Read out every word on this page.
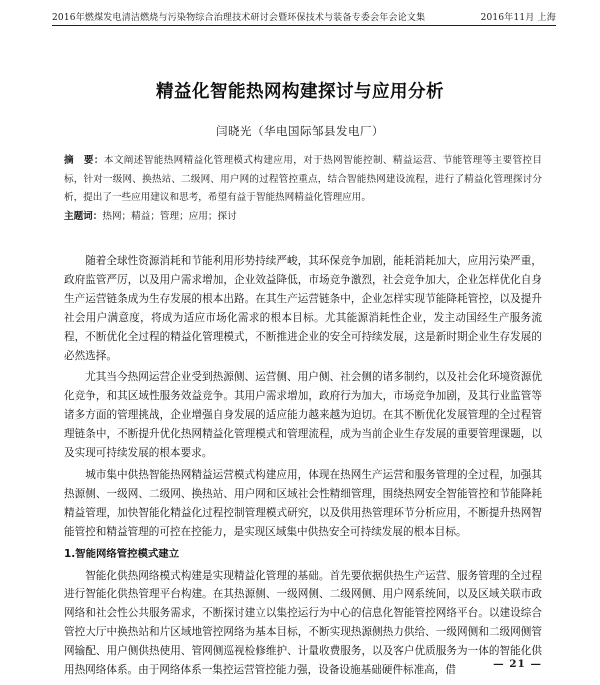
2016年燃煤发电清洁燃烧与污染物综合治理技术研讨会暨环保技术与装备专委会年会论文集	2016年11月 上海
精益化智能热网构建探讨与应用分析
闫晓光（华电国际邹县发电厂）
摘　要：本文阐述智能热网精益化管理模式构建应用，对于热网智能控制、精益运营、节能管理等主要管控目标，针对一级网、换热站、二级网、用户网的过程管控重点，结合智能热网建设流程，进行了精益化管理探讨分析，提出了一些应用建议和思考，希望有益于智能热网精益化管理应用。
主题词：热网；精益；管理；应用；探讨

随着全球性资源消耗和节能利用形势持续严峻，其环保竞争加剧，能耗消耗加大，应用污染严重，政府监管严厉，以及用户需求增加，企业效益降低，市场竞争激烈，社会竞争加大，企业怎样优化自身生产运营链条成为生存发展的根本出路。在其生产运营链条中，企业怎样实现节能降耗管控，以及提升社会用户满意度，将成为适应市场化需求的根本目标。尤其能源消耗性企业，发主动国经生产服务流程，不断优化全过程的精益化管理模式，不断推进企业的安全可持续发展，这是新时期企业生存发展的必然选择。

尤其当今热网运营企业受到热源侧、运营侧、用户侧、社会侧的诸多制约，以及社会化环境资源优化竞争，和其区域性服务效益竞争。其用户需求增加，政府行为加大，市场竞争加剧，及其行业监管等诸多方面的管理挑战，企业增强自身发展的适应能力越来越为迫切。在其不断优化发展管理的全过程管理链条中，不断提升优化热网精益化管理模式和管理流程，成为当前企业生存发展的重要管理课题，以及实现可持续发展的根本要求。

城市集中供热智能热网精益运营模式构建应用，体现在热网生产运营和服务管理的全过程，加强其热源侧、一级网、二级网、换热站、用户网和区域社会性精细管理，围绕热网安全智能管控和节能降耗精益管理，加快智能化精益化过程控制管理模式研究，以及供用热管理环节分析应用，不断提升热网智能管控和精益管理的可控在控能力，是实现区域集中供热安全可持续发展的根本目标。

1.智能网络管控模式建立

智能化供热网络模式构建是实现精益化管理的基础。首先要依据供热生产运营、服务管理的全过程进行智能化供热管理平台构建。在其热源侧、一级网侧、二级网侧、用户网系统间，以及区域关联市政网络和社会性公共服务需求，不断探讨建立以集控运行为中心的信息化智能管控网络平台。以建设综合管控大厅中换热站和片区域地管控网络为基本目标，不断实现热源侧热力供给、一级网侧和二级网侧管网输配、用户侧供热使用、管网侧巡视检修维护、计量收费服务，以及客户优质服务为一体的智能化供用热网络体系。由于网络体系一集控运营管控能力强，设备设施基础硬件标准高，借

— 21 —
